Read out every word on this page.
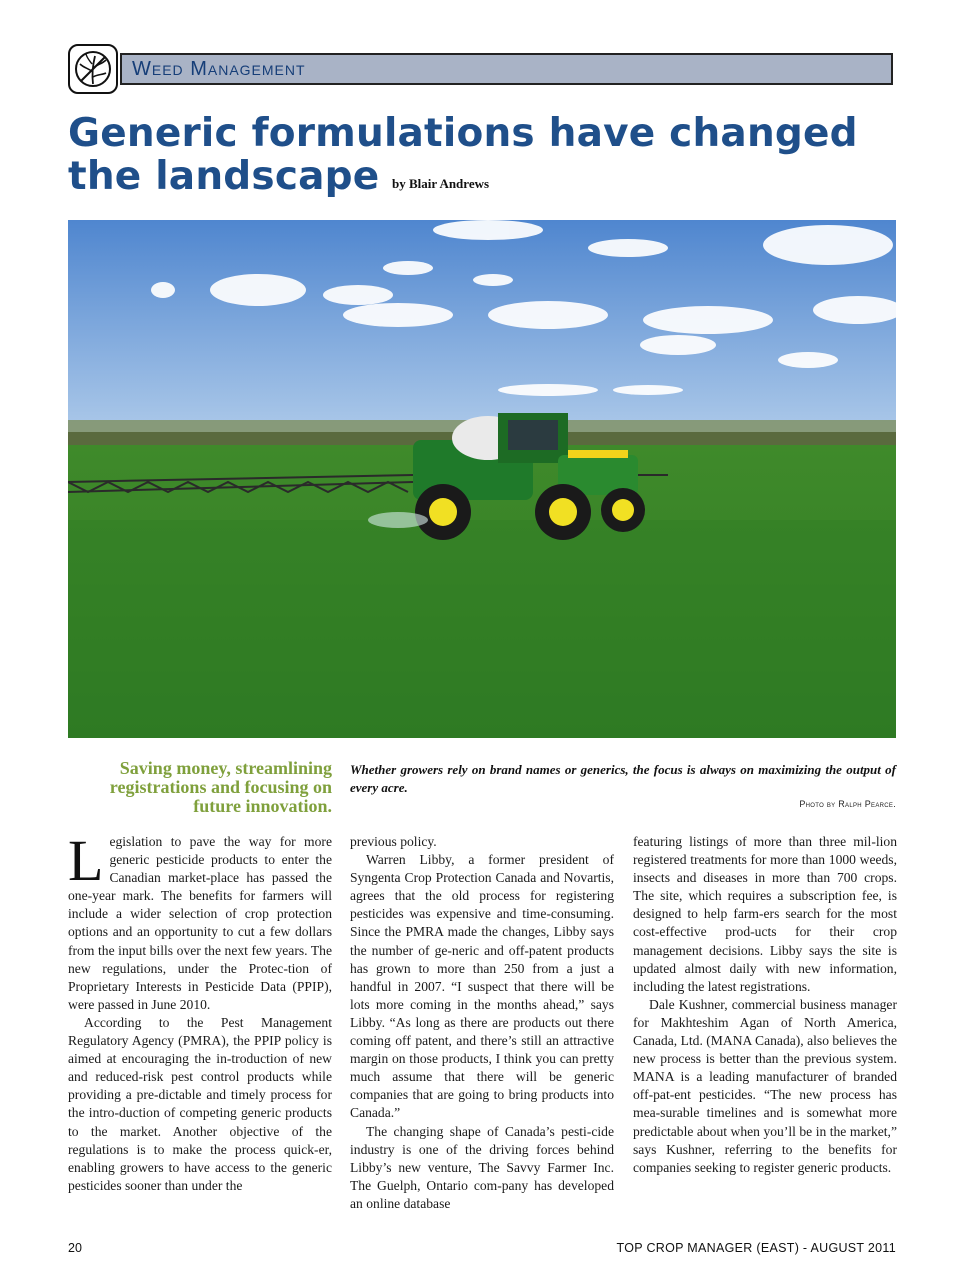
Weed Management
Generic formulations have changed the landscape by Blair Andrews
Saving money, streamlining registrations and focusing on future innovation.
Whether growers rely on brand names or generics, the focus is always on maximizing the output of every acre.
Photo by Ralph Pearce.

Legislation to pave the way for more generic pesticide products to enter the Canadian market-place has passed the one-year mark. The benefits for farmers will include a wider selection of crop protection options and an opportunity to cut a few dollars from the input bills over the next few years. The new regulations, under the Protec-tion of Proprietary Interests in Pesticide Data (PPIP), were passed in June 2010.

According to the Pest Management Regulatory Agency (PMRA), the PPIP policy is aimed at encouraging the in-troduction of new and reduced-risk pest control products while providing a pre-dictable and timely process for the intro-duction of competing generic products to the market. Another objective of the regulations is to make the process quick-er, enabling growers to have access to the generic pesticides sooner than under the

previous policy.

Warren Libby, a former president of Syngenta Crop Protection Canada and Novartis, agrees that the old process for registering pesticides was expensive and time-consuming. Since the PMRA made the changes, Libby says the number of ge-neric and off-patent products has grown to more than 250 from a just a handful in 2007. “I suspect that there will be lots more coming in the months ahead,” says Libby. “As long as there are products out there coming off patent, and there’s still an attractive margin on those products, I think you can pretty much assume that there will be generic companies that are going to bring products into Canada.”

The changing shape of Canada’s pesti-cide industry is one of the driving forces behind Libby’s new venture, The Savvy Farmer Inc. The Guelph, Ontario com-pany has developed an online database

featuring listings of more than three mil-lion registered treatments for more than 1000 weeds, insects and diseases in more than 700 crops. The site, which requires a subscription fee, is designed to help farm-ers search for the most cost-effective prod-ucts for their crop management decisions. Libby says the site is updated almost daily with new information, including the latest registrations.

Dale Kushner, commercial business manager for Makhteshim Agan of North America, Canada, Ltd. (MANA Canada), also believes the new process is better than the previous system. MANA is a leading manufacturer of branded off-pat-ent pesticides. “The new process has mea-surable timelines and is somewhat more predictable about when you’ll be in the market,” says Kushner, referring to the benefits for companies seeking to register generic products.

20	TOP CROP MANAGER (EAST) - AUGUST 2011
